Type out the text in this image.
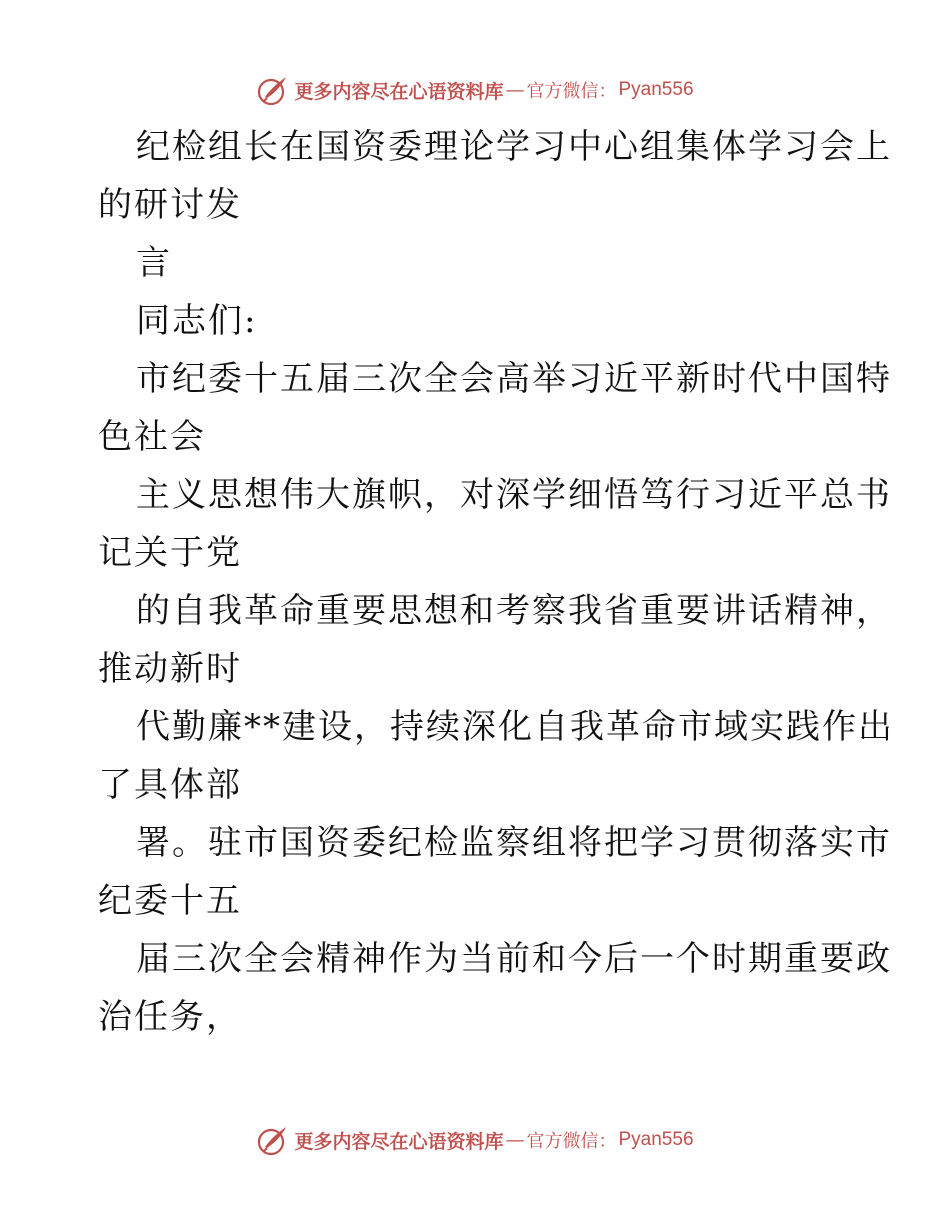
更多内容尽在心语资料库 — 官方微信： Pyan556
纪检组长在国资委理论学习中心组集体学习会上
的研讨发
言
同志们:
市纪委十五届三次全会高举习近平新时代中国特
色社会
主义思想伟大旗帜，对深学细悟笃行习近平总书
记关于党
的自我革命重要思想和考察我省重要讲话精神，
推动新时
代勤廉**建设，持续深化自我革命市域实践作出
了具体部
署。驻市国资委纪检监察组将把学习贯彻落实市
纪委十五
届三次全会精神作为当前和今后一个时期重要政
治任务，
更多内容尽在心语资料库 — 官方微信： Pyan556
